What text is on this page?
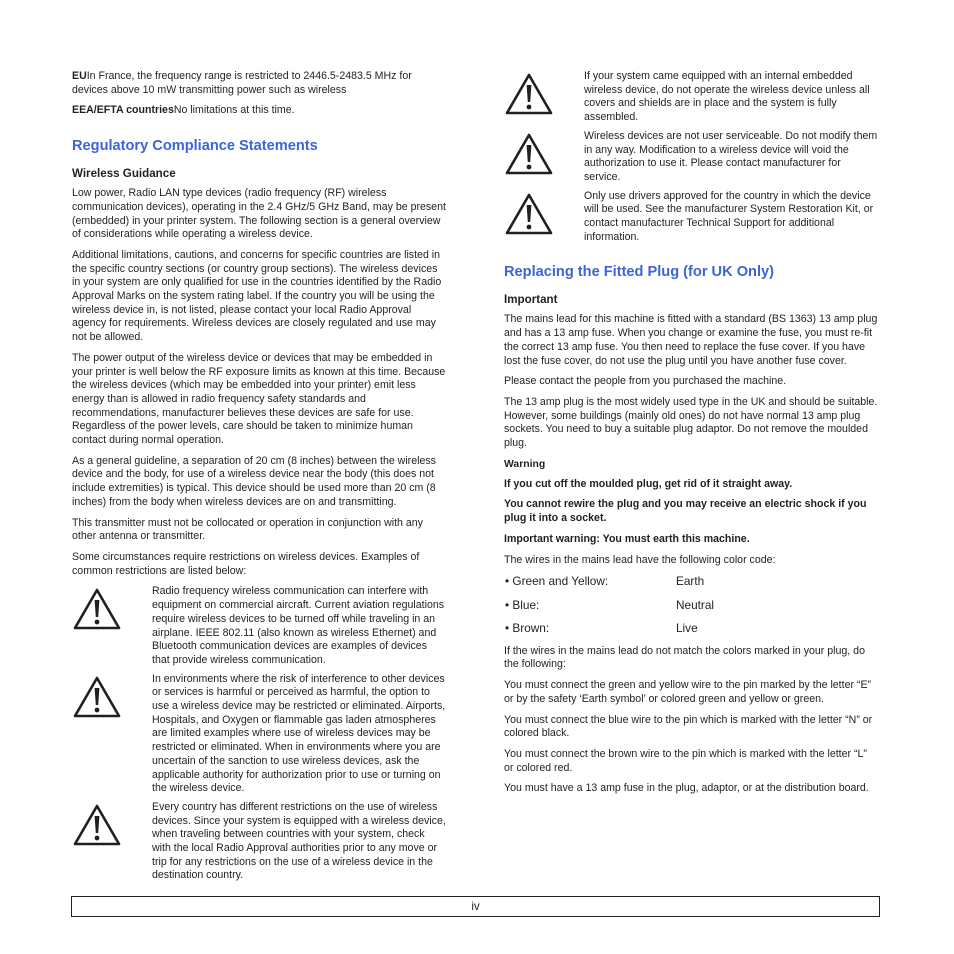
EUIn France, the frequency range is restricted to 2446.5-2483.5 MHz for devices above 10 mW transmitting power such as wireless

EEA/EFTA countriesNo limitations at this time.

Regulatory Compliance Statements
Wireless Guidance

Low power, Radio LAN type devices (radio frequency (RF) wireless communication devices), operating in the 2.4 GHz/5 GHz Band, may be present (embedded) in your printer system. The following section is a general overview of considerations while operating a wireless device.

Additional limitations, cautions, and concerns for specific countries are listed in the specific country sections (or country group sections). The wireless devices in your system are only qualified for use in the countries identified by the Radio Approval Marks on the system rating label. If the country you will be using the wireless device in, is not listed, please contact your local Radio Approval agency for requirements. Wireless devices are closely regulated and use may not be allowed.

The power output of the wireless device or devices that may be embedded in your printer is well below the RF exposure limits as known at this time. Because the wireless devices (which may be embedded into your printer) emit less energy than is allowed in radio frequency safety standards and recommendations, manufacturer believes these devices are safe for use. Regardless of the power levels, care should be taken to minimize human contact during normal operation.

As a general guideline, a separation of 20 cm (8 inches) between the wireless device and the body, for use of a wireless device near the body (this does not include extremities) is typical. This device should be used more than 20 cm (8 inches) from the body when wireless devices are on and transmitting.

This transmitter must not be collocated or operation in conjunction with any other antenna or transmitter.

Some circumstances require restrictions on wireless devices. Examples of common restrictions are listed below:

Radio frequency wireless communication can interfere with equipment on commercial aircraft. Current aviation regulations require wireless devices to be turned off while traveling in an airplane. IEEE 802.11 (also known as wireless Ethernet) and Bluetooth communication devices are examples of devices that provide wireless communication.

In environments where the risk of interference to other devices or services is harmful or perceived as harmful, the option to use a wireless device may be restricted or eliminated. Airports, Hospitals, and Oxygen or flammable gas laden atmospheres are limited examples where use of wireless devices may be restricted or eliminated. When in environments where you are uncertain of the sanction to use wireless devices, ask the applicable authority for authorization prior to use or turning on the wireless device.

Every country has different restrictions on the use of wireless devices. Since your system is equipped with a wireless device, when traveling between countries with your system, check with the local Radio Approval authorities prior to any move or trip for any restrictions on the use of a wireless device in the destination country.

If your system came equipped with an internal embedded wireless device, do not operate the wireless device unless all covers and shields are in place and the system is fully assembled.

Wireless devices are not user serviceable. Do not modify them in any way. Modification to a wireless device will void the authorization to use it. Please contact manufacturer for service.

Only use drivers approved for the country in which the device will be used. See the manufacturer System Restoration Kit, or contact manufacturer Technical Support for additional information.

Replacing the Fitted Plug (for UK Only)
Important

The mains lead for this machine is fitted with a standard (BS 1363) 13 amp plug and has a 13 amp fuse. When you change or examine the fuse, you must re-fit the correct 13 amp fuse. You then need to replace the fuse cover. If you have lost the fuse cover, do not use the plug until you have another fuse cover.

Please contact the people from you purchased the machine.

The 13 amp plug is the most widely used type in the UK and should be suitable. However, some buildings (mainly old ones) do not have normal 13 amp plug sockets. You need to buy a suitable plug adaptor. Do not remove the moulded plug.

Warning

If you cut off the moulded plug, get rid of it straight away.

You cannot rewire the plug and you may receive an electric shock if you plug it into a socket.

Important warning: You must earth this machine.

The wires in the mains lead have the following color code:

• Green and Yellow:	Earth
• Blue:	Neutral
• Brown:	Live

If the wires in the mains lead do not match the colors marked in your plug, do the following:

You must connect the green and yellow wire to the pin marked by the letter “E” or by the safety ‘Earth symbol’ or colored green and yellow or green.

You must connect the blue wire to the pin which is marked with the letter “N” or colored black.

You must connect the brown wire to the pin which is marked with the letter “L” or colored red.

You must have a 13 amp fuse in the plug, adaptor, or at the distribution board.

iv
